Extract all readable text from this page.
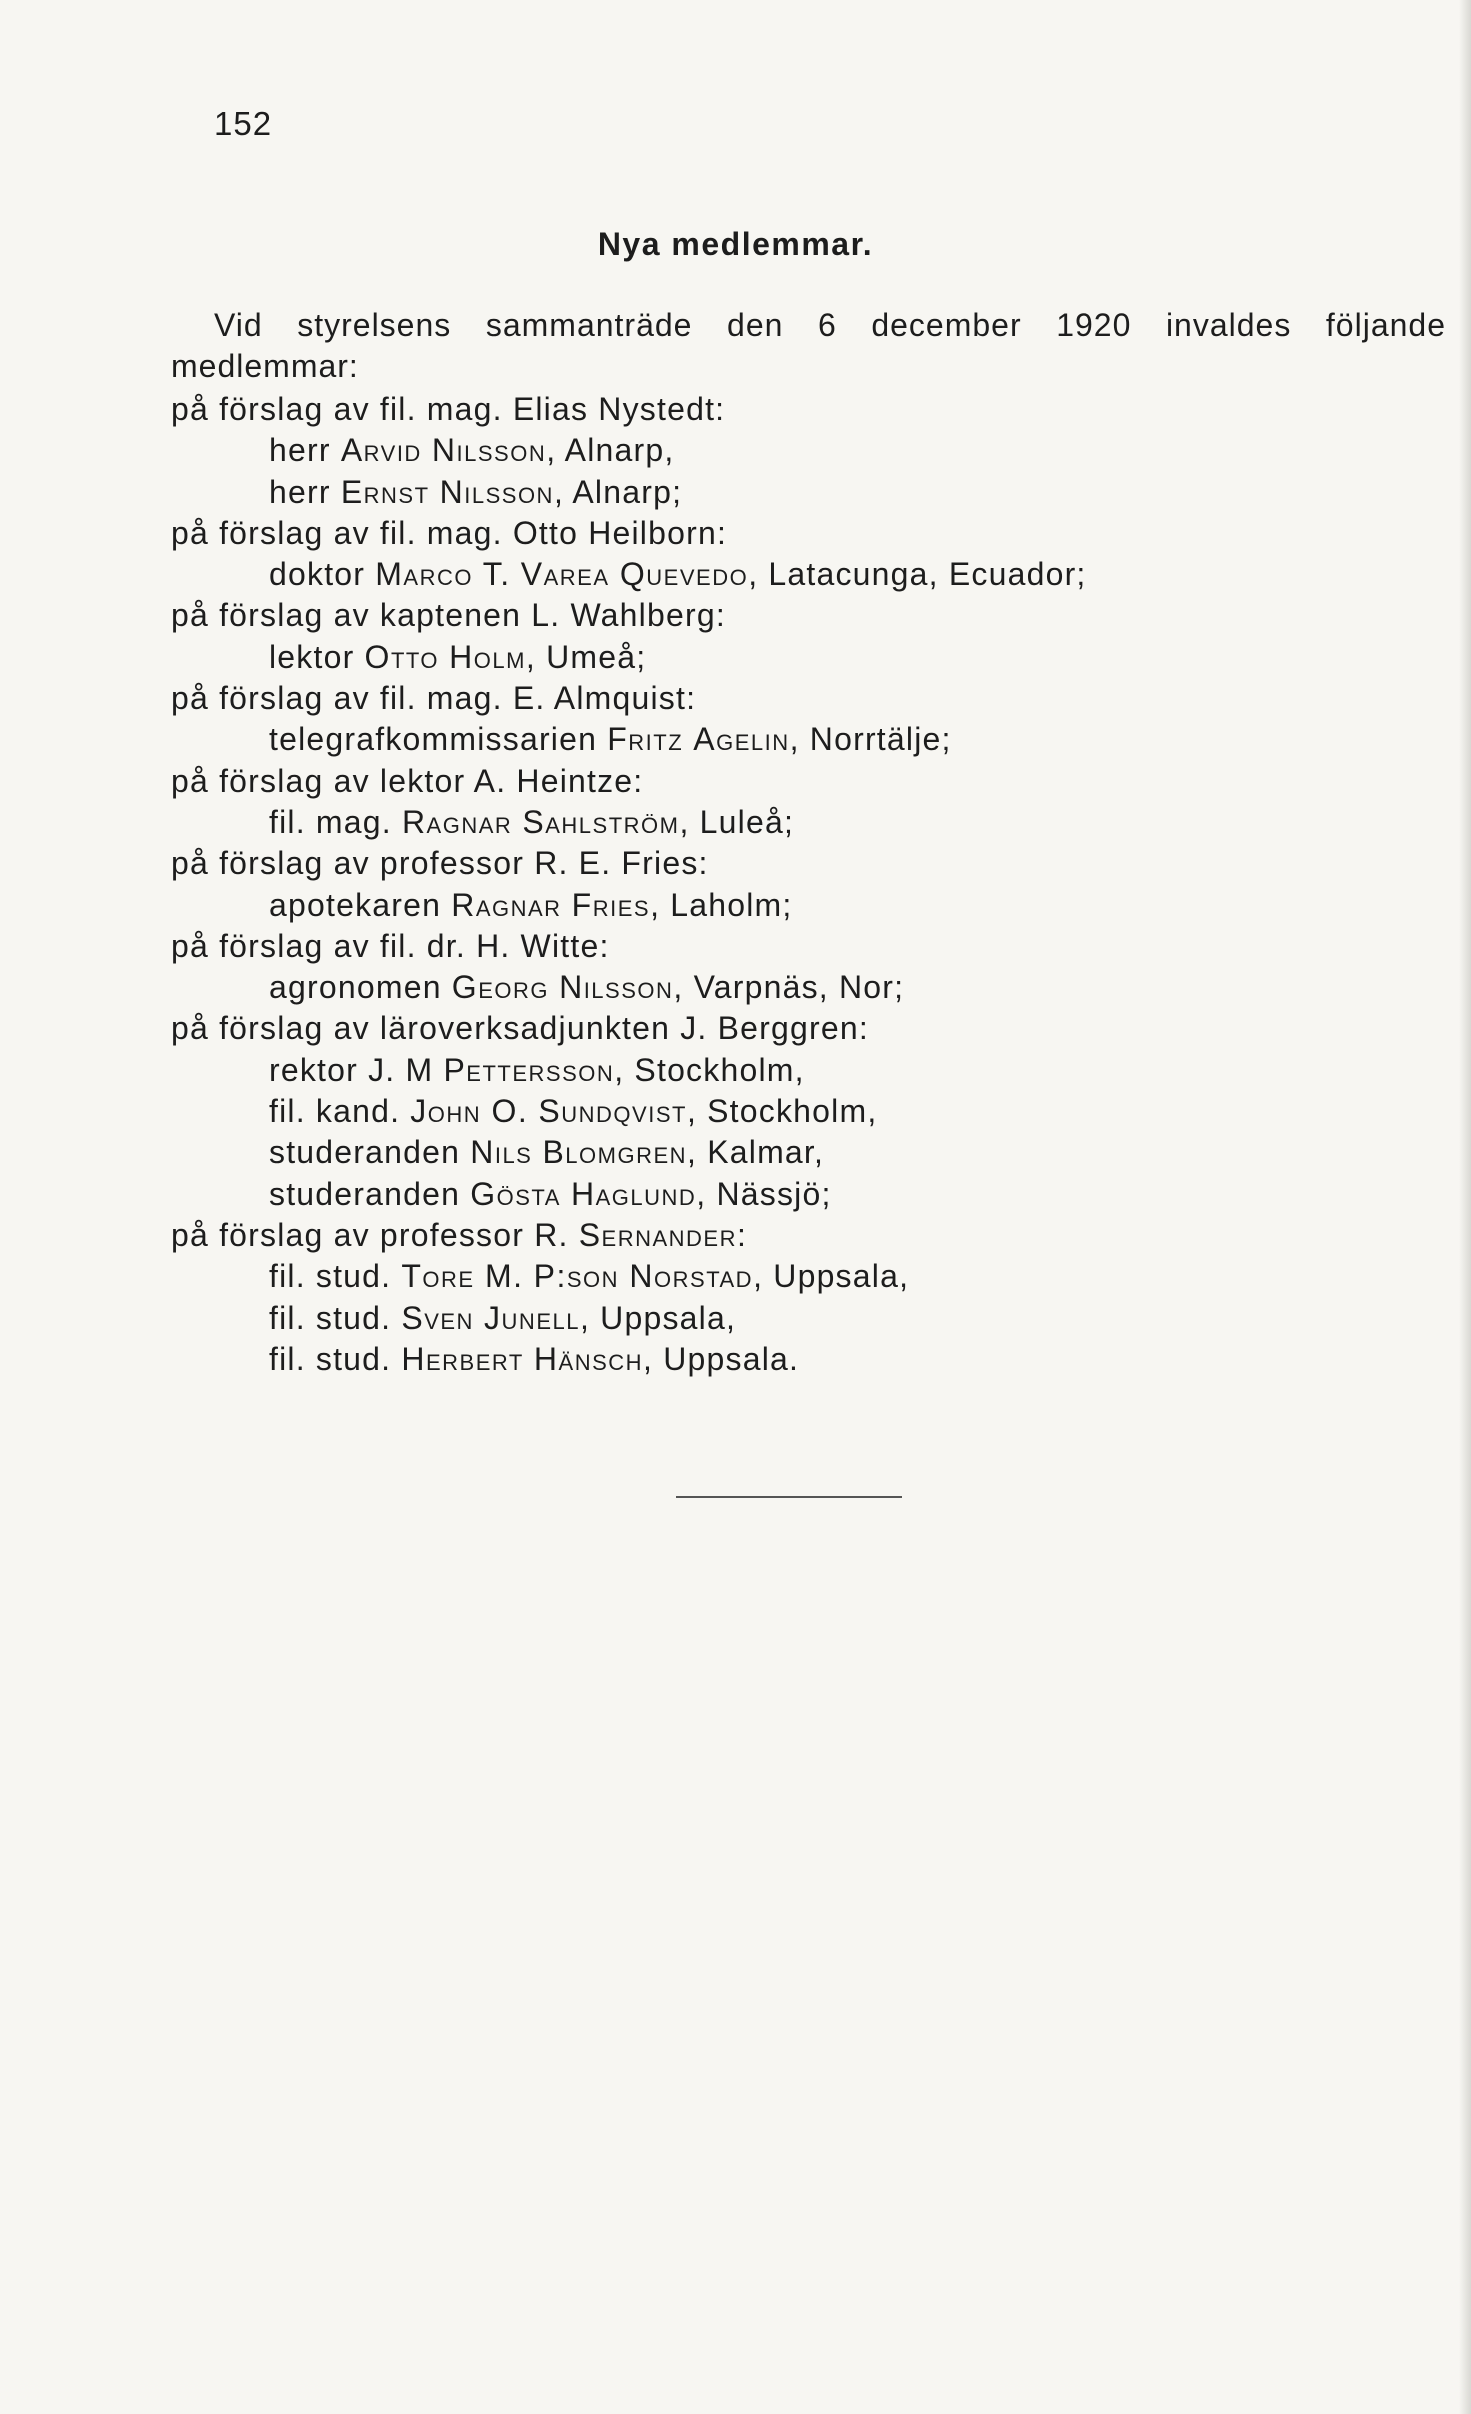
152
Nya medlemmar.
Vid styrelsens sammanträde den 6 december 1920 invaldes följande
medlemmar:
på förslag av fil. mag. Elias Nystedt:
herr Arvid Nilsson, Alnarp,
herr Ernst Nilsson, Alnarp;
på förslag av fil. mag. Otto Heilborn:
doktor Marco T. Varea Quevedo, Latacunga, Ecuador;
på förslag av kaptenen L. Wahlberg:
lektor Otto Holm, Umeå;
på förslag av fil. mag. E. Almquist:
telegrafkommissarien Fritz Agelin, Norrtälje;
på förslag av lektor A. Heintze:
fil. mag. Ragnar Sahlström, Luleå;
på förslag av professor R. E. Fries:
apotekaren Ragnar Fries, Laholm;
på förslag av fil. dr. H. Witte:
agronomen Georg Nilsson, Varpnäs, Nor;
på förslag av läroverksadjunkten J. Berggren:
rektor J. M Pettersson, Stockholm,
fil. kand. John O. Sundqvist, Stockholm,
studeranden Nils Blomgren, Kalmar,
studeranden Gösta Haglund, Nässjö;
på förslag av professor R. Sernander:
fil. stud. Tore M. P:son Norstad, Uppsala,
fil. stud. Sven Junell, Uppsala,
fil. stud. Herbert Hänsch, Uppsala.
